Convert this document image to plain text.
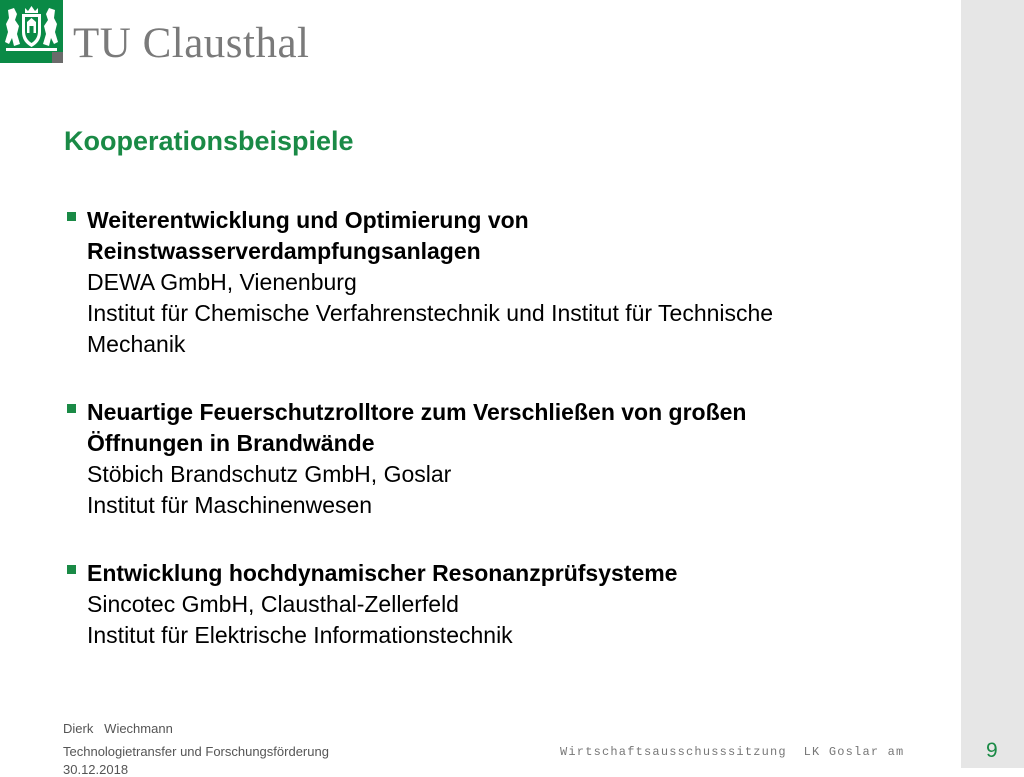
TU Clausthal
Kooperationsbeispiele
Weiterentwicklung und Optimierung von
Reinstwasserverdampfungsanlagen
DEWA GmbH, Vienenburg
Institut für Chemische Verfahrenstechnik und Institut für Technische
Mechanik
Neuartige Feuerschutzrolltore zum Verschließen von großen
Öffnungen in Brandwände
Stöbich Brandschutz GmbH, Goslar
Institut für Maschinenwesen
Entwicklung hochdynamischer Resonanzprüfsysteme
Sincotec GmbH, Clausthal-Zellerfeld
Institut für Elektrische Informationstechnik
Dierk   Wiechmann
Technologietransfer und Forschungsförderung
30.12.2018
Wirtschaftsausschusssitzung  LK Goslar am	9
